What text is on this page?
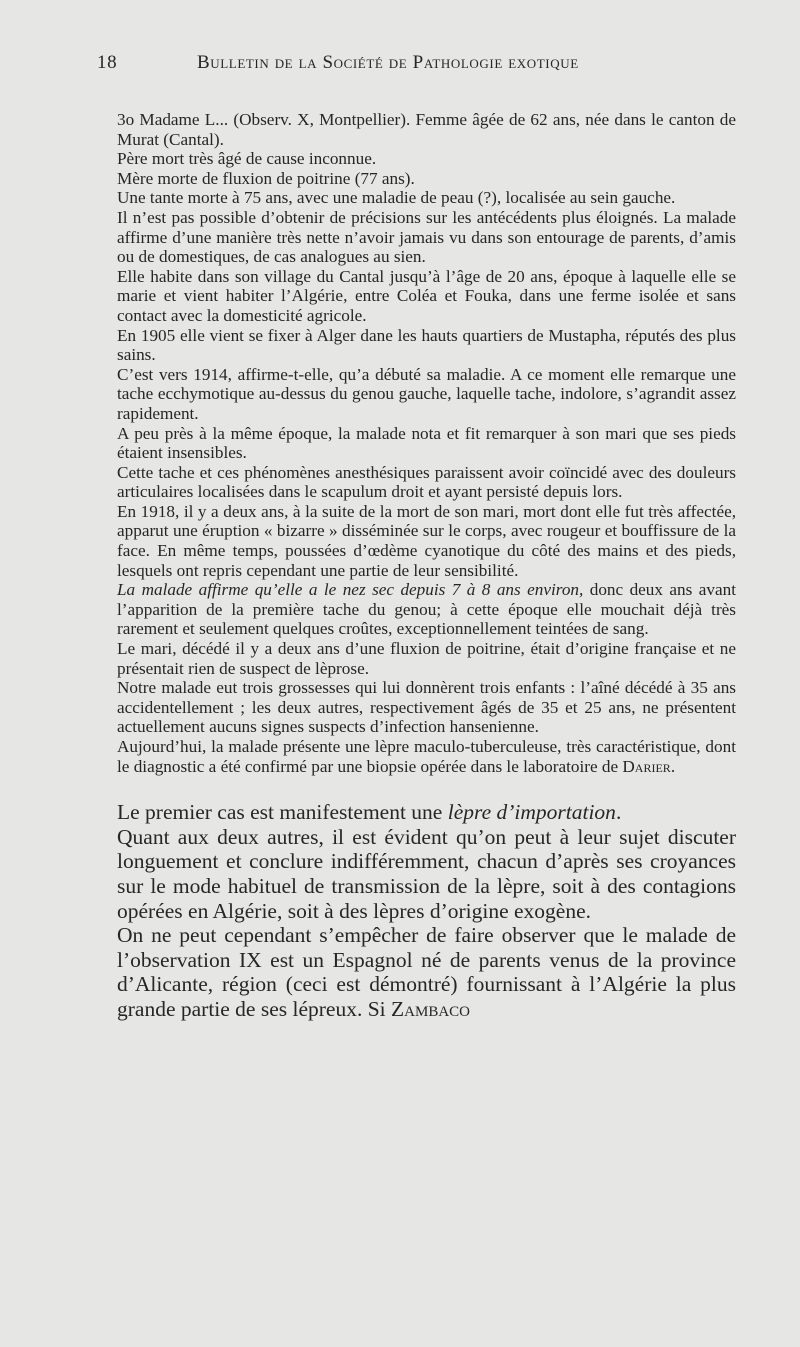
18	Bulletin de la Société de Pathologie exotique

3o Madame L... (Observ. X, Montpellier). Femme âgée de 62 ans, née dans le canton de Murat (Cantal).

Père mort très âgé de cause inconnue.

Mère morte de fluxion de poitrine (77 ans).

Une tante morte à 75 ans, avec une maladie de peau (?), localisée au sein gauche.

Il n’est pas possible d’obtenir de précisions sur les antécédents plus éloignés. La malade affirme d’une manière très nette n’avoir jamais vu dans son entourage de parents, d’amis ou de domestiques, de cas analogues au sien.

Elle habite dans son village du Cantal jusqu’à l’âge de 20 ans, époque à laquelle elle se marie et vient habiter l’Algérie, entre Coléa et Fouka, dans une ferme isolée et sans contact avec la domesticité agricole.

En 1905 elle vient se fixer à Alger dane les hauts quartiers de Mustapha, réputés des plus sains.

C’est vers 1914, affirme-t-elle, qu’a débuté sa maladie. A ce moment elle remarque une tache ecchymotique au-dessus du genou gauche, laquelle tache, indolore, s’agrandit assez rapidement.

A peu près à la même époque, la malade nota et fit remarquer à son mari que ses pieds étaient insensibles.

Cette tache et ces phénomènes anesthésiques paraissent avoir coïncidé avec des douleurs articulaires localisées dans le scapulum droit et ayant persisté depuis lors.

En 1918, il y a deux ans, à la suite de la mort de son mari, mort dont elle fut très affectée, apparut une éruption « bizarre » disséminée sur le corps, avec rougeur et bouffissure de la face. En même temps, poussées d’œdème cyanotique du côté des mains et des pieds, lesquels ont repris cependant une partie de leur sensibilité.

La malade affirme qu’elle a le nez sec depuis 7 à 8 ans environ, donc deux ans avant l’apparition de la première tache du genou; à cette époque elle mouchait déjà très rarement et seulement quelques croûtes, exceptionnellement teintées de sang.

Le mari, décédé il y a deux ans d’une fluxion de poitrine, était d’origine française et ne présentait rien de suspect de lèprose.

Notre malade eut trois grossesses qui lui donnèrent trois enfants : l’aîné décédé à 35 ans accidentellement ; les deux autres, respectivement âgés de 35 et 25 ans, ne présentent actuellement aucuns signes suspects d’infection hansenienne.

Aujourd’hui, la malade présente une lèpre maculo-tuberculeuse, très caractéristique, dont le diagnostic a été confirmé par une biopsie opérée dans le laboratoire de Darier.

Le premier cas est manifestement une lèpre d’importation.

Quant aux deux autres, il est évident qu’on peut à leur sujet discuter longuement et conclure indifféremment, chacun d’après ses croyances sur le mode habituel de transmission de la lèpre, soit à des contagions opérées en Algérie, soit à des lèpres d’origine exogène.

On ne peut cependant s’empêcher de faire observer que le malade de l’observation IX est un Espagnol né de parents venus de la province d’Alicante, région (ceci est démontré) fournissant à l’Algérie la plus grande partie de ses lépreux. Si Zambaco
